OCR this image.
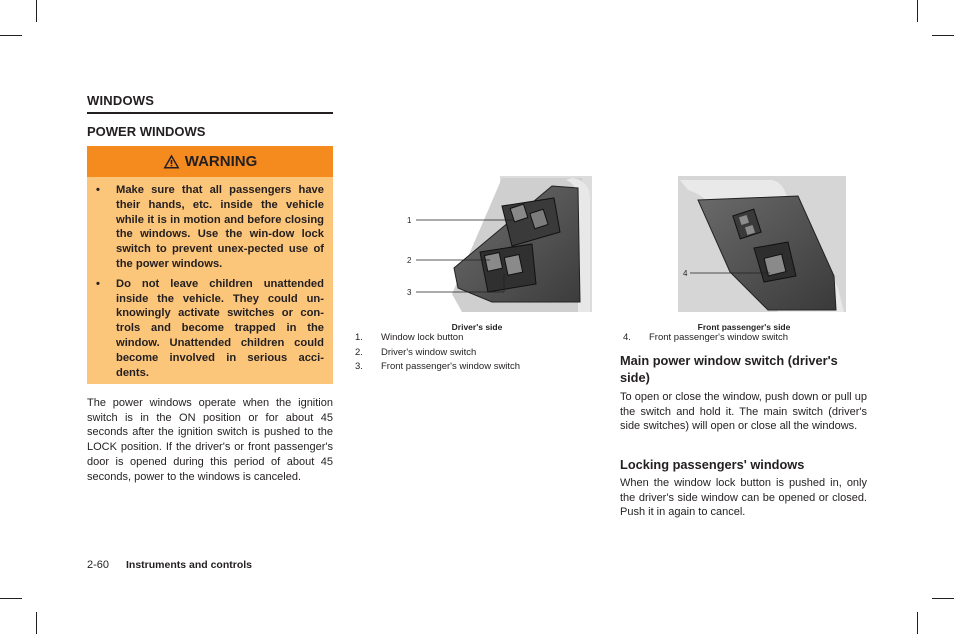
WINDOWS
POWER WINDOWS
WARNING
• Make sure that all passengers have their hands, etc. inside the vehicle while it is in motion and before closing the windows. Use the win-dow lock switch to prevent unex-pected use of the power windows.
• Do not leave children unattended inside the vehicle. They could un-knowingly activate switches or con-trols and become trapped in the window. Unattended children could become involved in serious acci-dents.
The power windows operate when the ignition switch is in the ON position or for about 45 seconds after the ignition switch is pushed to the LOCK position. If the driver's or front passenger's door is opened during this period of about 45 seconds, power to the windows is canceled.
1
2
3
Driver's side
1.	Window lock button
2.	Driver's window switch
3.	Front passenger's window switch
4
Front passenger's side
4.	Front passenger's window switch
Main power window switch (driver's side)
To open or close the window, push down or pull up the switch and hold it. The main switch (driver's side switches) will open or close all the windows.
Locking passengers' windows
When the window lock button is pushed in, only the driver's side window can be opened or closed. Push it in again to cancel.
2-60 Instruments and controls
